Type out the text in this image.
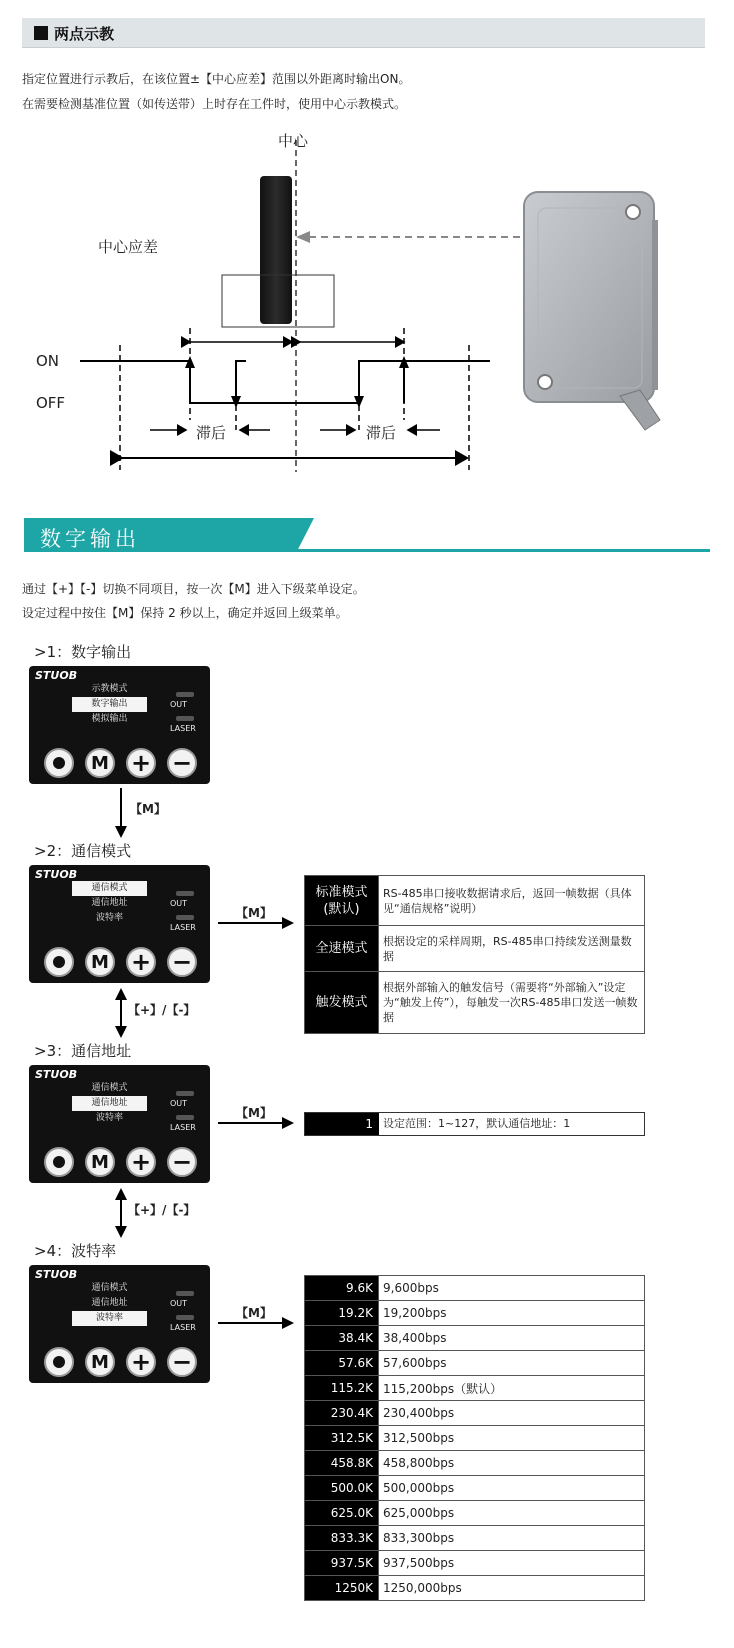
两点示教
指定位置进行示教后，在该位置±【中心应差】范围以外距离时输出ON。
在需要检测基准位置（如传送带）上时存在工件时，使用中心示教模式。
中心
中心应差
ON
OFF
滞后	滞后
数字输出
通过【+】【-】切换不同项目，按一次【M】进入下级菜单设定。
设定过程中按住【M】保持 2 秒以上，确定并返回上级菜单。
>1：数字输出
>2：通信模式
>3：通信地址
>4：波特率
STUOB
示教模式
数字输出
模拟输出
OUT
LASER
M + −
STUOB
通信模式
通信地址
波特率
OUT
LASER
M + −
STUOB
通信模式
通信地址
波特率
OUT
LASER
M + −
STUOB
通信模式
通信地址
波特率
OUT
LASER
M + −
【M】
【+】/【-】
【+】/【-】
【M】
【M】
【M】
标准模式
(默认)	RS-485串口接收数据请求后，返回一帧数据（具体见“通信规格”说明）

全速模式	根据设定的采样周期，RS-485串口持续发送测量数据

触发模式	根据外部输入的触发信号（需要将“外部输入”设定为“触发上传”），每触发一次RS-485串口发送一帧数据
1 设定范围：1~127，默认通信地址：1
9.6K	9,600bps
19.2K	19,200bps
38.4K	38,400bps
57.6K	57,600bps
115.2K	115,200bps（默认）
230.4K	230,400bps
312.5K	312,500bps
458.8K	458,800bps
500.0K	500,000bps
625.0K	625,000bps
833.3K	833,300bps
937.5K	937,500bps
1250K	1250,000bps
